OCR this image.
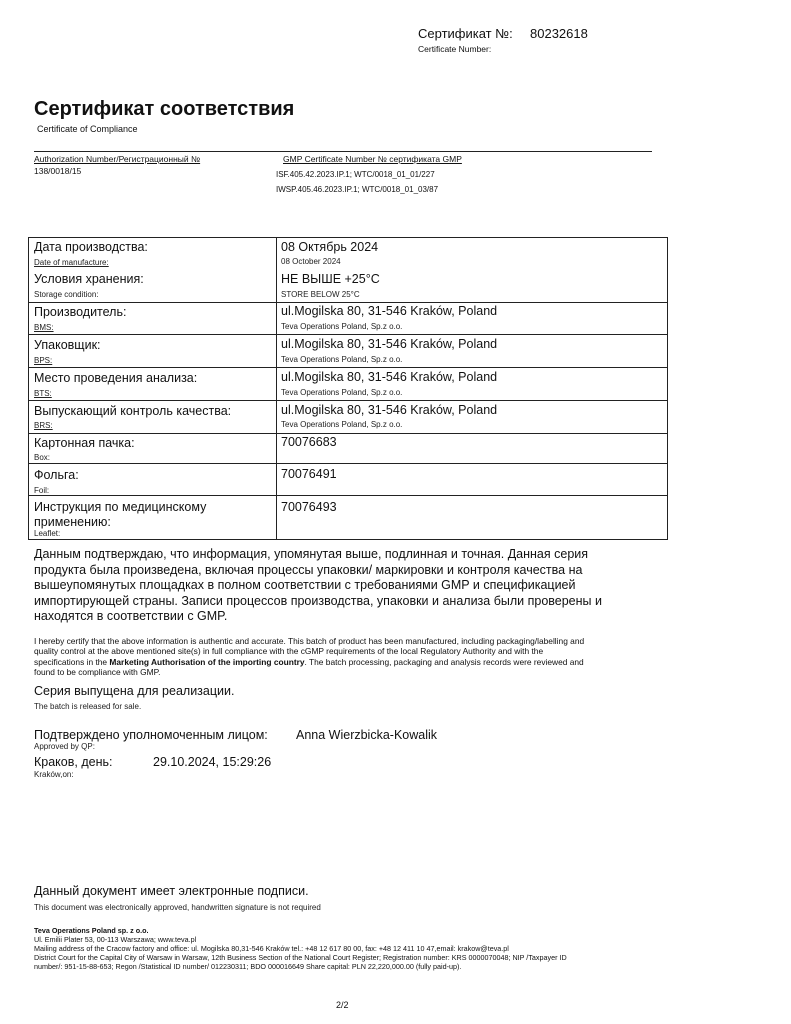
Сертификат №: 80232618
Certificate Number:
Сертификат соответствия
Certificate of Compliance
Authorization Number/Регистрационный №
138/0018/15
GMP Certificate Number № сертификата GMP
ISF.405.42.2023.IP.1; WTC/0018_01_01/227
IWSP.405.46.2023.IP.1; WTC/0018_01_03/87
Дата производства:
Date of manufacture:
08 Октябрь 2024
08 October 2024
Условия хранения:
Storage condition:
НЕ ВЫШЕ +25°С
STORE BELOW 25°C
Производитель:
BMS:
ul.Mogilska 80, 31-546 Kraków, Poland
Teva Operations Poland, Sp.z o.o.
Упаковщик:
BPS:
ul.Mogilska 80, 31-546 Kraków, Poland
Teva Operations Poland, Sp.z o.o.
Место проведения анализа:
BTS:
ul.Mogilska 80, 31-546 Kraków, Poland
Teva Operations Poland, Sp.z o.o.
Выпускающий контроль качества:
BRS:
ul.Mogilska 80, 31-546 Kraków, Poland
Teva Operations Poland, Sp.z o.o.
Картонная пачка:
Box:
70076683
Фольга:
Foil:
70076491
Инструкция по медицинскому применению:
Leaflet:
70076493
Данным подтверждаю, что информация, упомянутая выше, подлинная и точная. Данная серия продукта была произведена, включая процессы упаковки/ маркировки и контроля качества на вышеупомянутых площадках в полном соответствии с требованиями GMP и спецификацией импортирующей страны. Записи процессов производства, упаковки и анализа были проверены и находятся в соответствии с GMP.
I hereby certify that the above information is authentic and accurate. This batch of product has been manufactured, including packaging/labelling and quality control at the above mentioned site(s) in full compliance with the cGMP requirements of the local Regulatory Authority and with the specifications in the Marketing Authorisation of the importing country. The batch processing, packaging and analysis records were reviewed and found to be compliance with GMP.
Серия выпущена для реализации.
The batch is released for sale.
Подтверждено уполномоченным лицом: Anna Wierzbicka-Kowalik
Approved by QP:
Краков, день:	29.10.2024, 15:29:26
Kraków,on:
Данный документ имеет электронные подписи.
This document was electronically approved, handwritten signature is not required
Teva Operations Poland sp. z o.o.
Ul. Emilii Plater 53, 00-113 Warszawa; www.teva.pl
Mailing address of the Cracow factory and office: ul. Mogilska 80,31-546 Kraków tel.: +48 12 617 80 00, fax: +48 12 411 10 47,email: krakow@teva.pl
District Court for the Capital City of Warsaw in Warsaw, 12th Business Section of the National Court Register; Registration number: KRS 0000070048; NIP /Taxpayer ID
number/: 951-15-88-653; Regon /Statistical ID number/ 012230311; BDO 000016649 Share capital: PLN 22,220,000.00 (fully paid-up).
2/2
